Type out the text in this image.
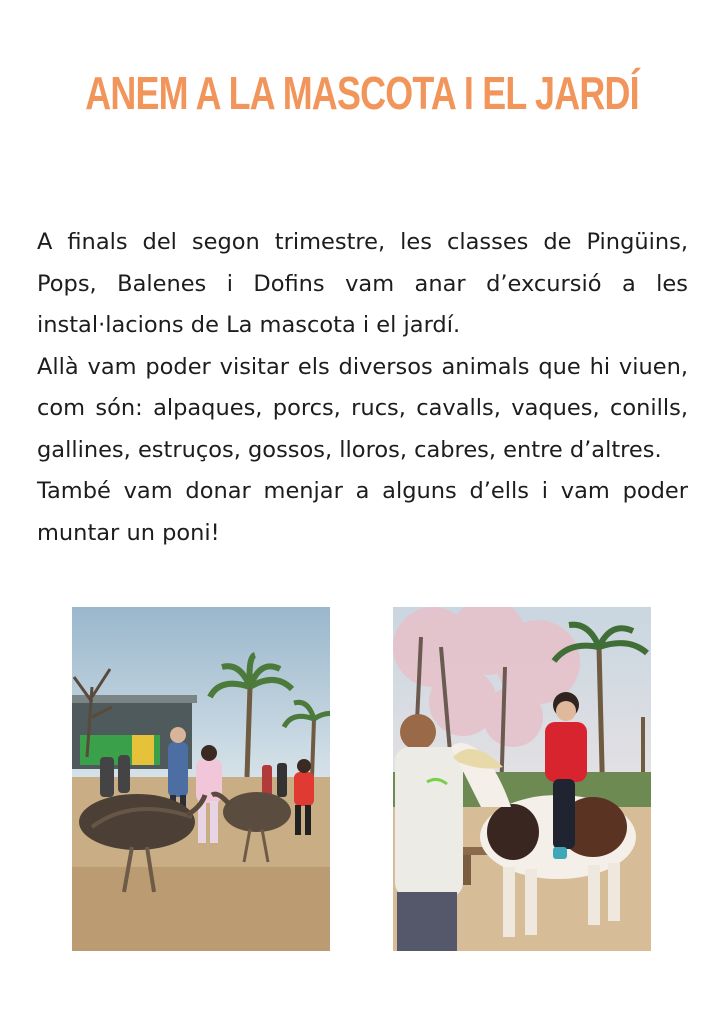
ANEM A LA MASCOTA I EL JARDÍ

A finals del segon trimestre, les classes de Pingüins, Pops, Balenes i Dofins vam anar d’excursió a les instal·lacions de La mascota i el jardí.

Allà vam poder visitar els diversos animals que hi viuen, com són: alpaques, porcs, rucs, cavalls, vaques, conills, gallines, estruços, gossos, lloros, cabres, entre d’altres.

També vam donar menjar a alguns d’ells i vam poder muntar un poni!
